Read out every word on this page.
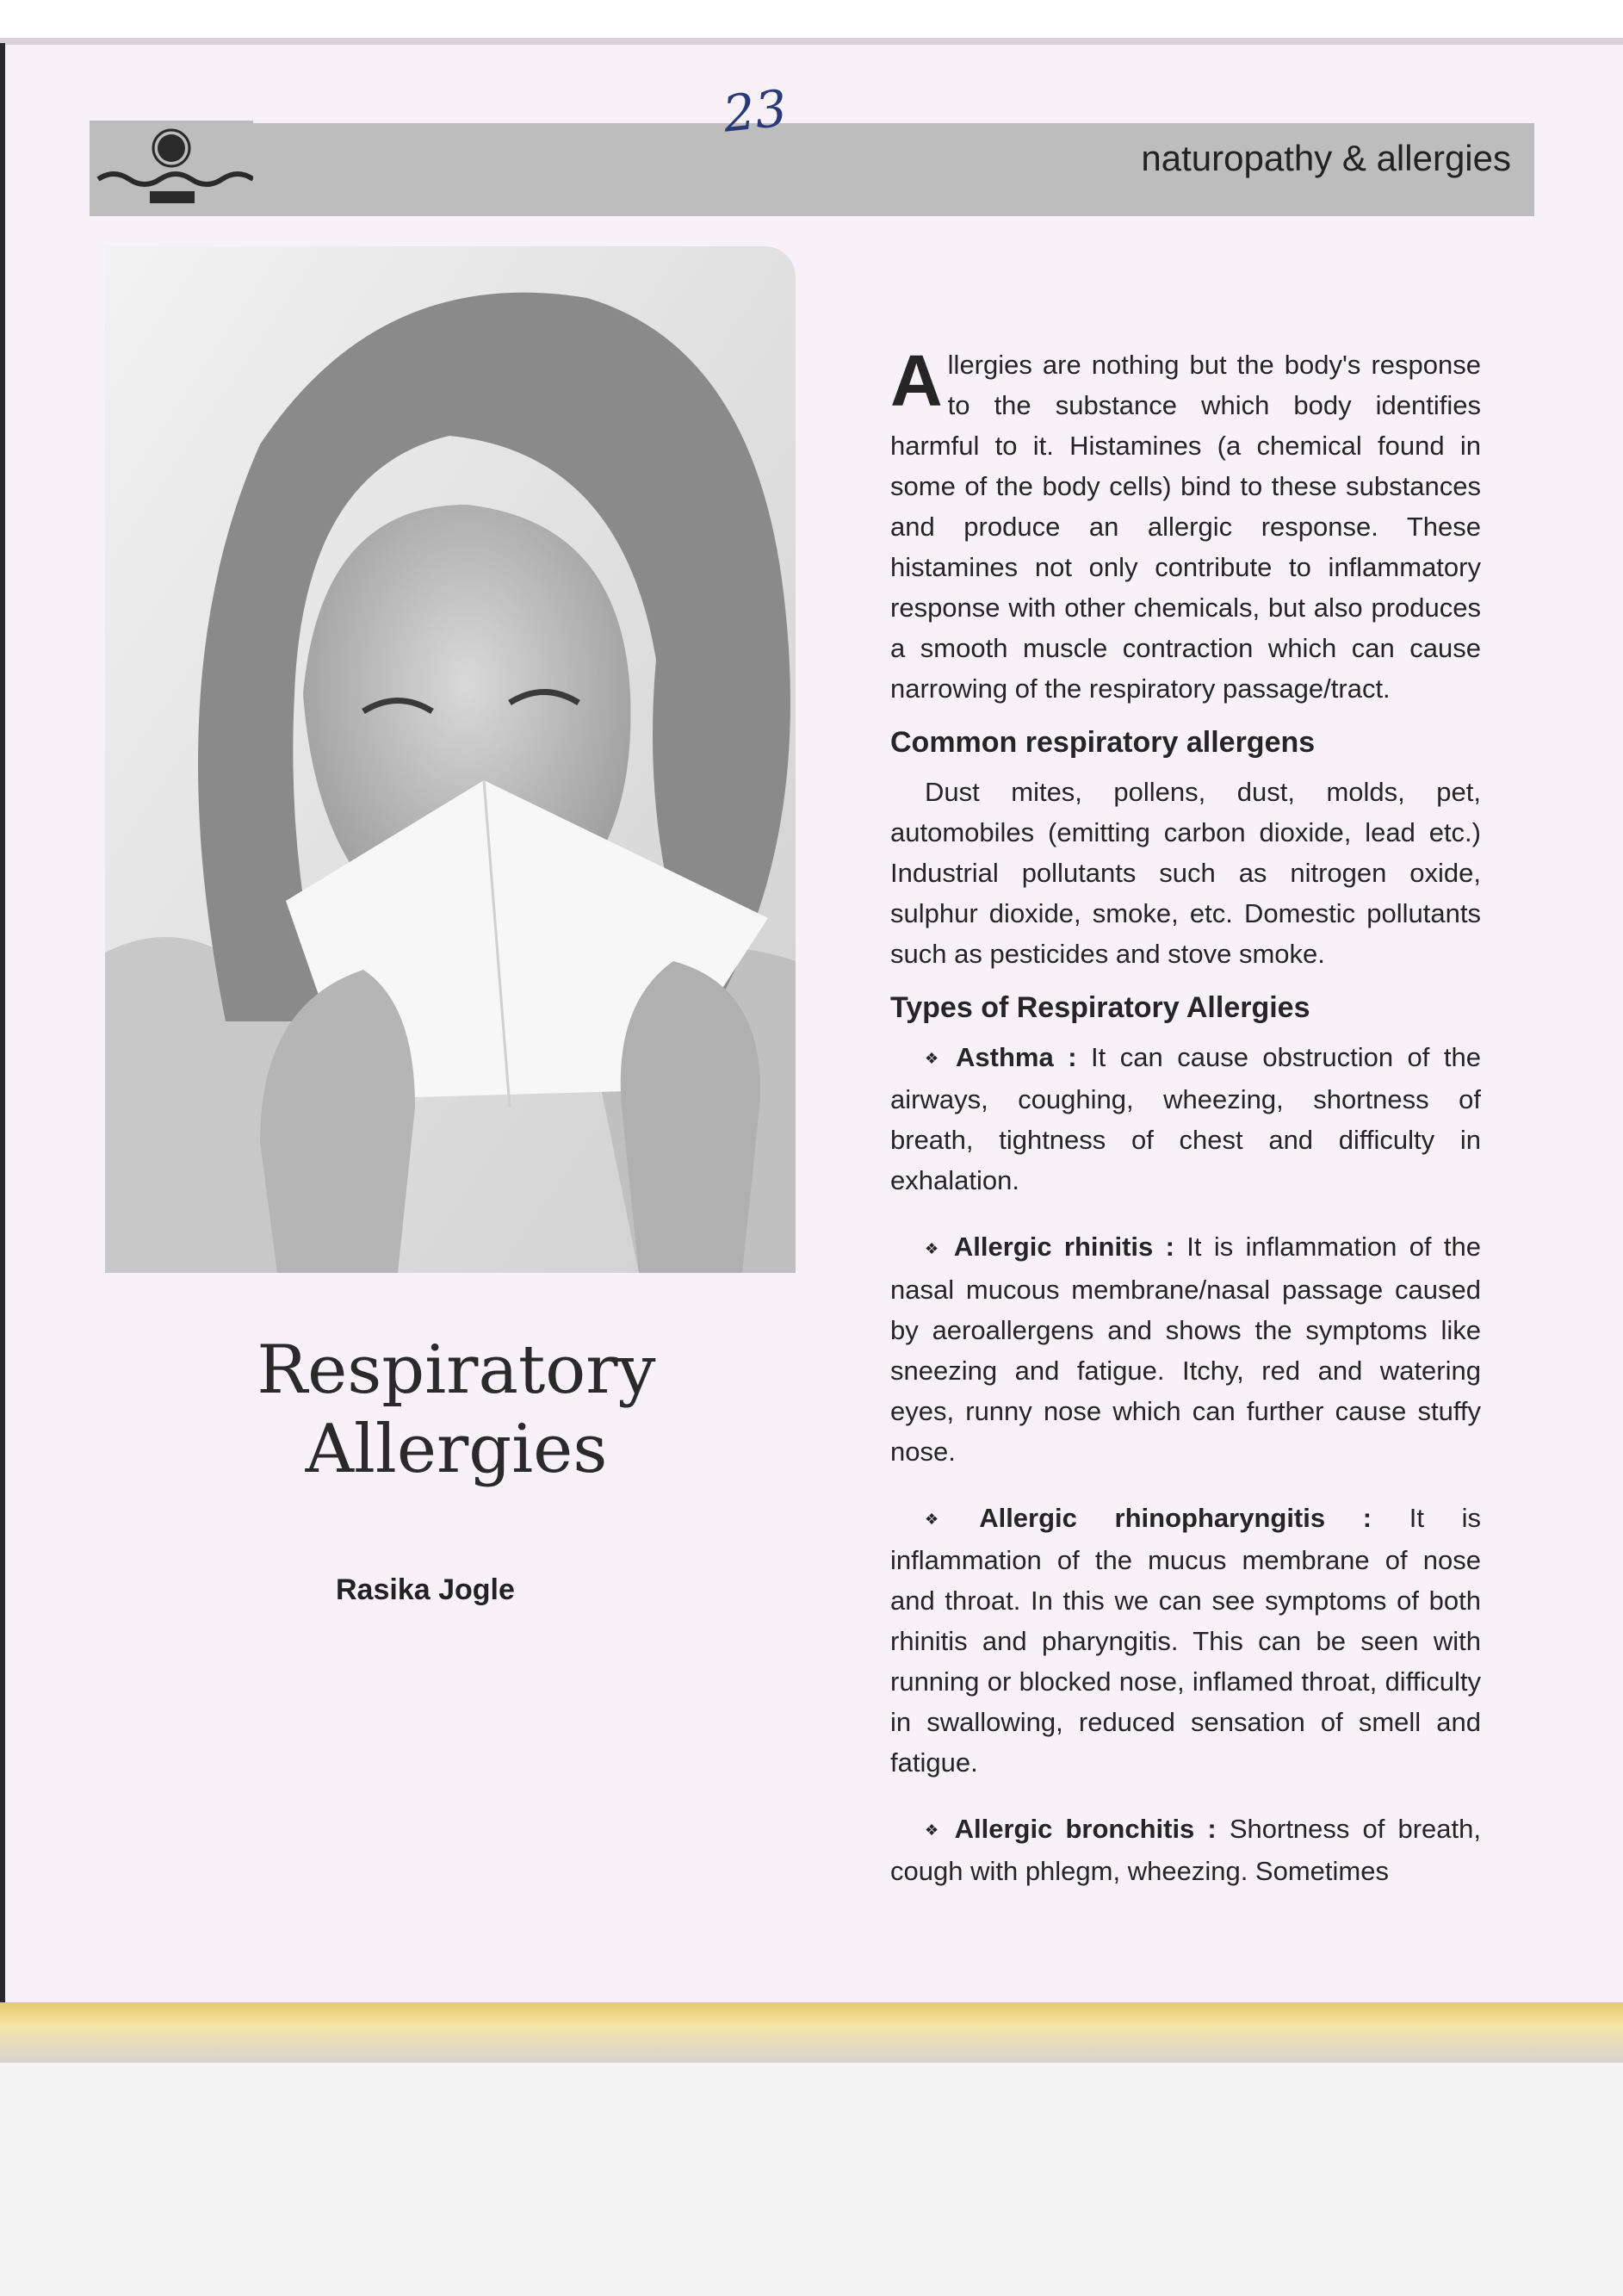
23
naturopathy & allergies
Respiratory
Allergies
Rasika Jogle

Allergies are nothing but the body's response to the substance which body identifies harmful to it. Histamines (a chemical found in some of the body cells) bind to these substances and produce an allergic response. These histamines not only contribute to inflammatory response with other chemicals, but also produces a smooth muscle contraction which can cause narrowing of the respiratory passage/tract.

Common respiratory allergens

Dust mites, pollens, dust, molds, pet, automobiles (emitting carbon dioxide, lead etc.) Industrial pollutants such as nitrogen oxide, sulphur dioxide, smoke, etc. Domestic pollutants such as pesticides and stove smoke.

Types of Respiratory Allergies

❖ Asthma : It can cause obstruction of the airways, coughing, wheezing, shortness of breath, tightness of chest and difficulty in exhalation.

❖ Allergic rhinitis : It is inflammation of the nasal mucous membrane/nasal passage caused by aeroallergens and shows the symptoms like sneezing and fatigue. Itchy, red and watering eyes, runny nose which can further cause stuffy nose.

❖ Allergic rhinopharyngitis : It is inflammation of the mucus membrane of nose and throat. In this we can see symptoms of both rhinitis and pharyngitis. This can be seen with running or blocked nose, inflamed throat, difficulty in swallowing, reduced sensation of smell and fatigue.

❖ Allergic bronchitis : Shortness of breath, cough with phlegm, wheezing. Sometimes
